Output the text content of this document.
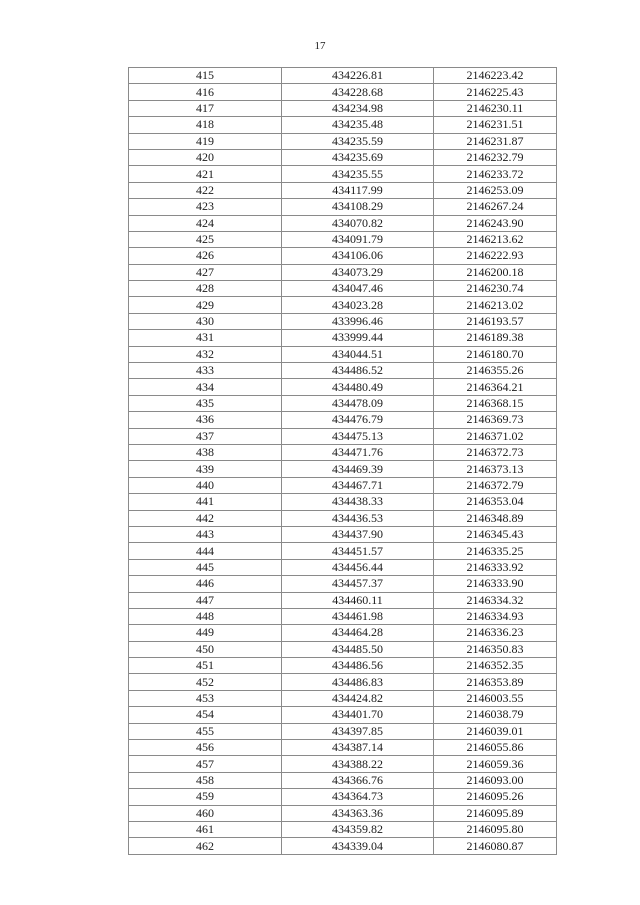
17
415	434226.81	2146223.42
416	434228.68	2146225.43
417	434234.98	2146230.11
418	434235.48	2146231.51
419	434235.59	2146231.87
420	434235.69	2146232.79
421	434235.55	2146233.72
422	434117.99	2146253.09
423	434108.29	2146267.24
424	434070.82	2146243.90
425	434091.79	2146213.62
426	434106.06	2146222.93
427	434073.29	2146200.18
428	434047.46	2146230.74
429	434023.28	2146213.02
430	433996.46	2146193.57
431	433999.44	2146189.38
432	434044.51	2146180.70
433	434486.52	2146355.26
434	434480.49	2146364.21
435	434478.09	2146368.15
436	434476.79	2146369.73
437	434475.13	2146371.02
438	434471.76	2146372.73
439	434469.39	2146373.13
440	434467.71	2146372.79
441	434438.33	2146353.04
442	434436.53	2146348.89
443	434437.90	2146345.43
444	434451.57	2146335.25
445	434456.44	2146333.92
446	434457.37	2146333.90
447	434460.11	2146334.32
448	434461.98	2146334.93
449	434464.28	2146336.23
450	434485.50	2146350.83
451	434486.56	2146352.35
452	434486.83	2146353.89
453	434424.82	2146003.55
454	434401.70	2146038.79
455	434397.85	2146039.01
456	434387.14	2146055.86
457	434388.22	2146059.36
458	434366.76	2146093.00
459	434364.73	2146095.26
460	434363.36	2146095.89
461	434359.82	2146095.80
462	434339.04	2146080.87
